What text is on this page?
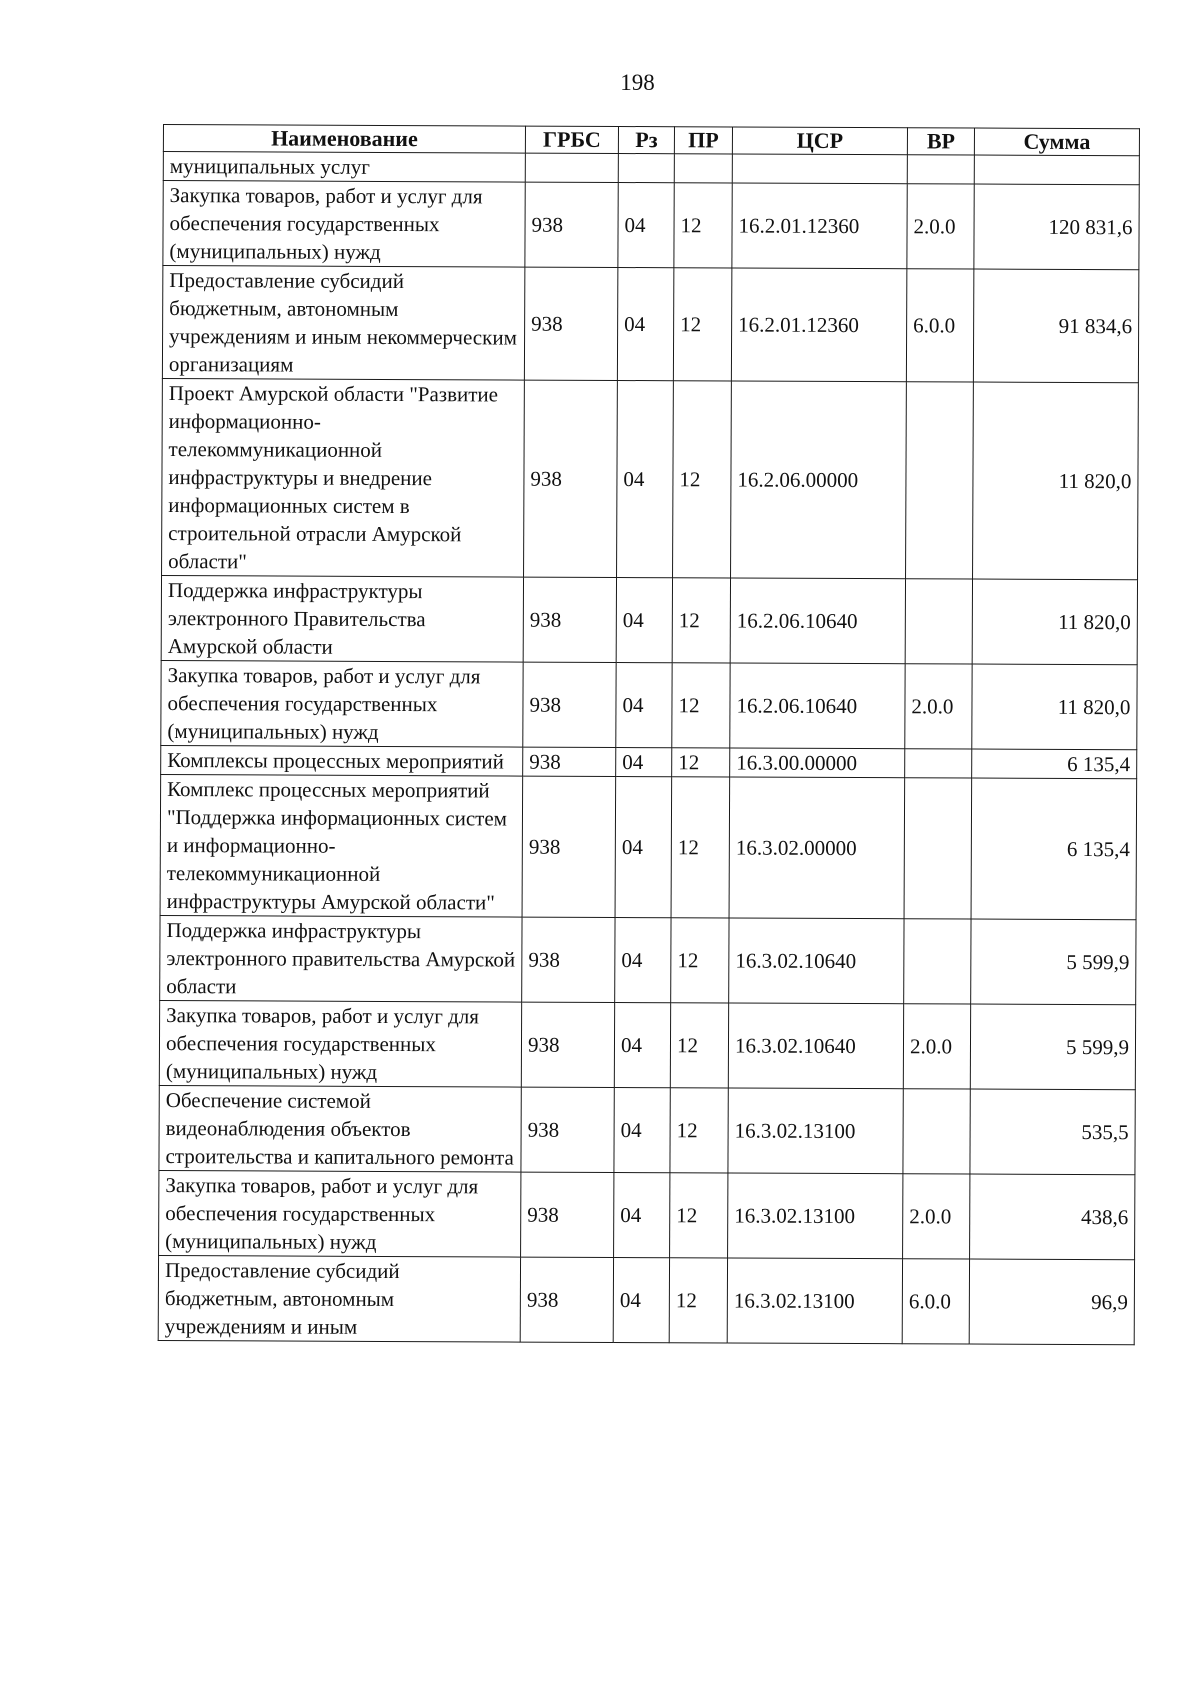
198
Наименование	ГРБС	Рз	ПР	ЦСР	ВР	Сумма
муниципальных услуг						
Закупка товаров, работ и услуг для обеспечения государственных (муниципальных) нужд	938	04	12	16.2.01.12360	2.0.0	120 831,6
Предоставление субсидий бюджетным, автономным учреждениям и иным некоммерческим организациям	938	04	12	16.2.01.12360	6.0.0	91 834,6
Проект Амурской области "Развитие информационно-телекоммуникационной инфраструктуры и внедрение информационных систем в строительной отрасли Амурской области"	938	04	12	16.2.06.00000		11 820,0
Поддержка инфраструктуры электронного Правительства Амурской области	938	04	12	16.2.06.10640		11 820,0
Закупка товаров, работ и услуг для обеспечения государственных (муниципальных) нужд	938	04	12	16.2.06.10640	2.0.0	11 820,0
Комплексы процессных мероприятий	938	04	12	16.3.00.00000		6 135,4
Комплекс процессных мероприятий "Поддержка информационных систем и информационно-телекоммуникационной инфраструктуры Амурской области"	938	04	12	16.3.02.00000		6 135,4
Поддержка инфраструктуры электронного правительства Амурской области	938	04	12	16.3.02.10640		5 599,9
Закупка товаров, работ и услуг для обеспечения государственных (муниципальных) нужд	938	04	12	16.3.02.10640	2.0.0	5 599,9
Обеспечение системой видеонаблюдения объектов строительства и капитального ремонта	938	04	12	16.3.02.13100		535,5
Закупка товаров, работ и услуг для обеспечения государственных (муниципальных) нужд	938	04	12	16.3.02.13100	2.0.0	438,6
Предоставление субсидий бюджетным, автономным учреждениям и иным	938	04	12	16.3.02.13100	6.0.0	96,9
